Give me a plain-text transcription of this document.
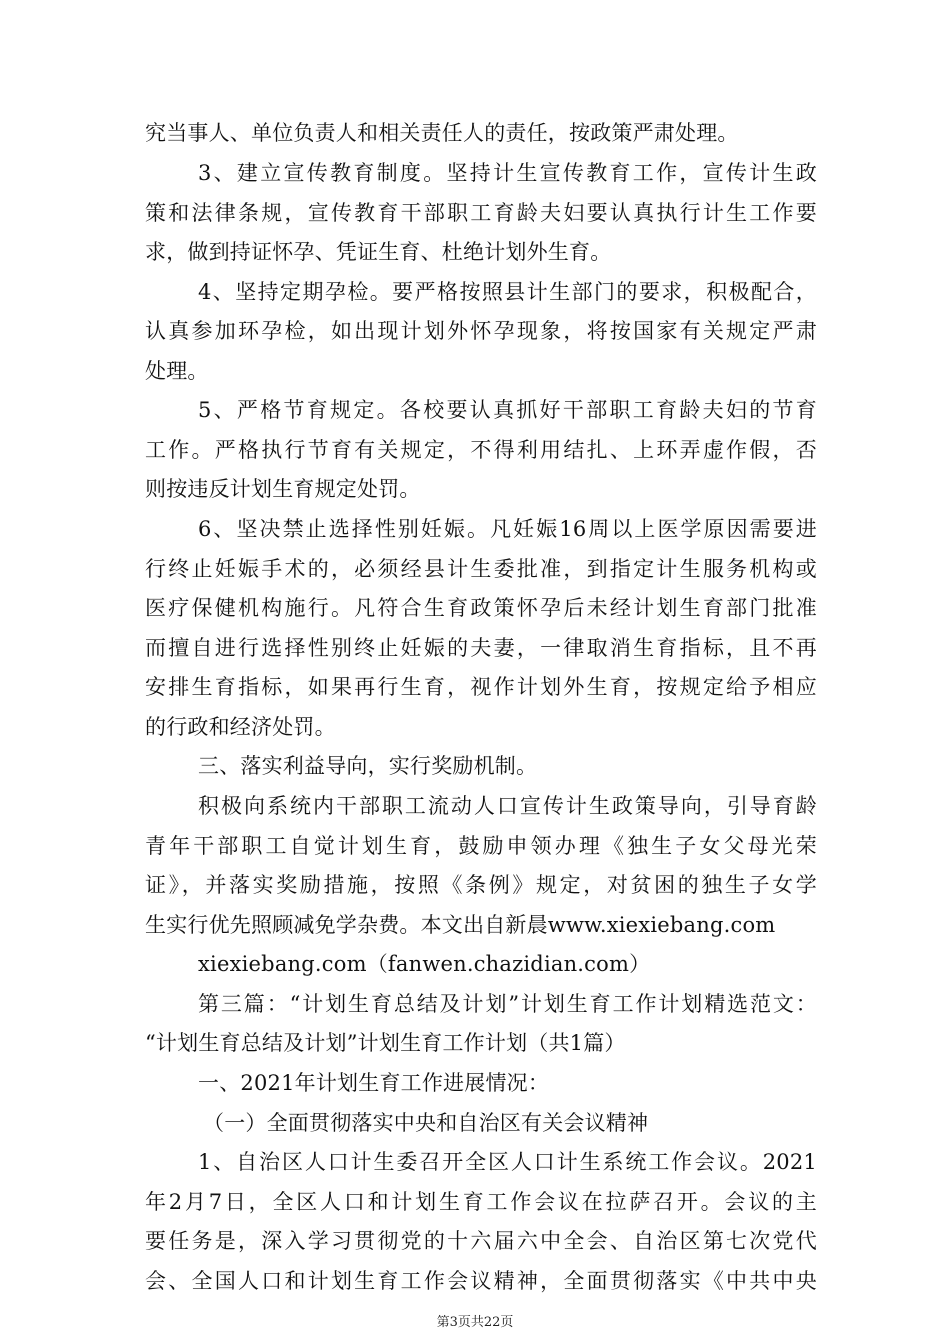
究当事人、单位负责人和相关责任人的责任，按政策严肃处理。
3、建立宣传教育制度。坚持计生宣传教育工作，宣传计生政
策和法律条规，宣传教育干部职工育龄夫妇要认真执行计生工作要
求，做到持证怀孕、凭证生育、杜绝计划外生育。
4、坚持定期孕检。要严格按照县计生部门的要求，积极配合，
认真参加环孕检，如出现计划外怀孕现象，将按国家有关规定严肃
处理。
5、严格节育规定。各校要认真抓好干部职工育龄夫妇的节育
工作。严格执行节育有关规定，不得利用结扎、上环弄虚作假，否
则按违反计划生育规定处罚。
6、坚决禁止选择性别妊娠。凡妊娠16周以上医学原因需要进
行终止妊娠手术的，必须经县计生委批准，到指定计生服务机构或
医疗保健机构施行。凡符合生育政策怀孕后未经计划生育部门批准
而擅自进行选择性别终止妊娠的夫妻，一律取消生育指标，且不再
安排生育指标，如果再行生育，视作计划外生育，按规定给予相应
的行政和经济处罚。
三、落实利益导向，实行奖励机制。
积极向系统内干部职工流动人口宣传计生政策导向，引导育龄
青年干部职工自觉计划生育，鼓励申领办理《独生子女父母光荣
证》，并落实奖励措施，按照《条例》规定，对贫困的独生子女学
生实行优先照顾减免学杂费。本文出自新晨www.xiexiebang.com
xiexiebang.com（fanwen.chazidian.com）
第三篇：“计划生育总结及计划”计划生育工作计划精选范文：
“计划生育总结及计划”计划生育工作计划（共1篇）
一、2021年计划生育工作进展情况：
（一）全面贯彻落实中央和自治区有关会议精神
1、自治区人口计生委召开全区人口计生系统工作会议。2021
年2月7日，全区人口和计划生育工作会议在拉萨召开。会议的主
要任务是，深入学习贯彻党的十六届六中全会、自治区第七次党代
会、全国人口和计划生育工作会议精神，全面贯彻落实《中共中央
第3页共22页
